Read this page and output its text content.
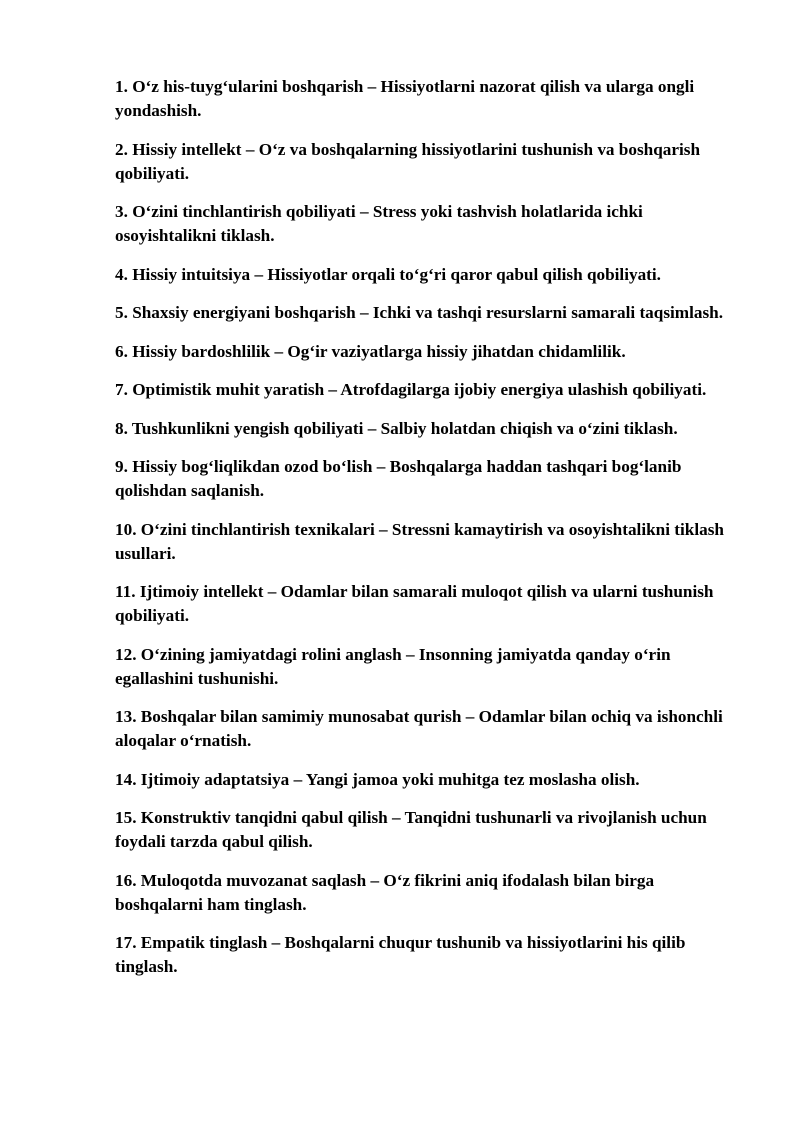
1. O‘z his-tuyg‘ularini boshqarish – Hissiyotlarni nazorat qilish va ularga ongli yondashish.

2. Hissiy intellekt – O‘z va boshqalarning hissiyotlarini tushunish va boshqarish qobiliyati.

3. O‘zini tinchlantirish qobiliyati – Stress yoki tashvish holatlarida ichki osoyishtalikni tiklash.

4. Hissiy intuitsiya – Hissiyotlar orqali to‘g‘ri qaror qabul qilish qobiliyati.

5. Shaxsiy energiyani boshqarish – Ichki va tashqi resurslarni samarali taqsimlash.

6. Hissiy bardoshlilik – Og‘ir vaziyatlarga hissiy jihatdan chidamlilik.

7. Optimistik muhit yaratish – Atrofdagilarga ijobiy energiya ulashish qobiliyati.

8. Tushkunlikni yengish qobiliyati – Salbiy holatdan chiqish va o‘zini tiklash.

9. Hissiy bog‘liqlikdan ozod bo‘lish – Boshqalarga haddan tashqari bog‘lanib qolishdan saqlanish.

10. O‘zini tinchlantirish texnikalari – Stressni kamaytirish va osoyishtalikni tiklash usullari.

11. Ijtimoiy intellekt – Odamlar bilan samarali muloqot qilish va ularni tushunish qobiliyati.

12. O‘zining jamiyatdagi rolini anglash – Insonning jamiyatda qanday o‘rin egallashini tushunishi.

13. Boshqalar bilan samimiy munosabat qurish – Odamlar bilan ochiq va ishonchli aloqalar o‘rnatish.

14. Ijtimoiy adaptatsiya – Yangi jamoa yoki muhitga tez moslasha olish.

15. Konstruktiv tanqidni qabul qilish – Tanqidni tushunarli va rivojlanish uchun foydali tarzda qabul qilish.

16. Muloqotda muvozanat saqlash – O‘z fikrini aniq ifodalash bilan birga boshqalarni ham tinglash.

17. Empatik tinglash – Boshqalarni chuqur tushunib va hissiyotlarini his qilib tinglash.
